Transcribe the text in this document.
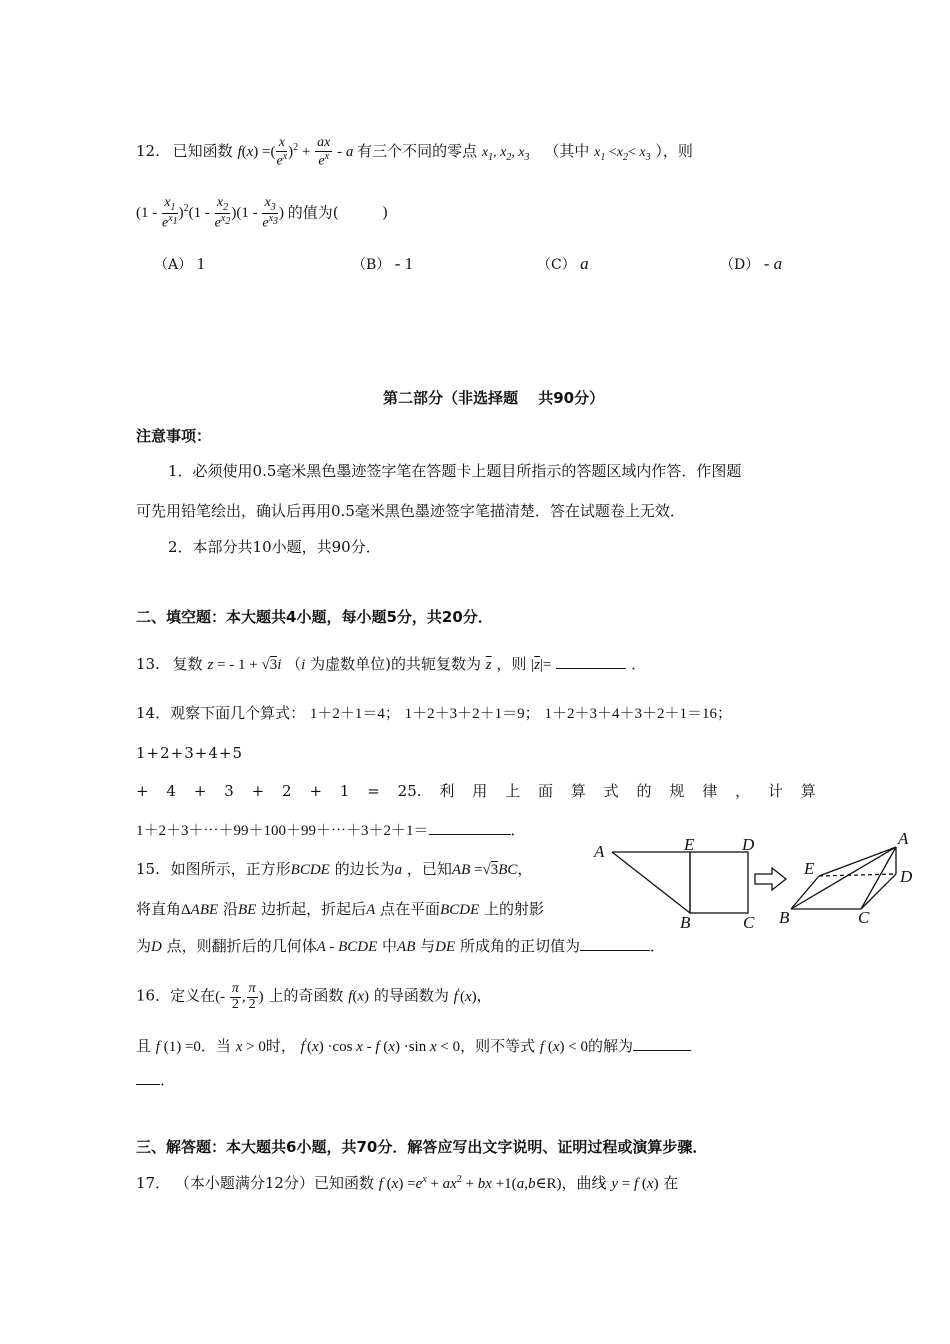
12. 已知函数 f(x) =( $\frac{x}{e^x} )^2 + \frac{ax}{e^x} - a$ 有三个不同的零点 $x_1$, $x_2$, $x_3$ （其中 $x_1 <x_2< x_3$ ），则
$(1 - \frac{x_1}{e^{x_1}} )^2(1 - \frac{x_2}{e^{x_2}} )(1 - \frac{x_3}{e^{x_3}}$ ) 的值为(	)
（A） 1	（B） - 1	（C） a	（D） - a
第二部分（非选择题　 共90分）
注意事项：
1．必须使用0.5毫米黑色墨迹签字笔在答题卡上题目所指示的答题区域内作答．作图题
可先用铅笔绘出，确认后再用0.5毫米黑色墨迹签字笔描清楚．答在试题卷上无效．
2．本部分共10小题，共90分．
二、填空题：本大题共4小题，每小题5分，共20分．
13. 复数 z = - 1 + √3i （i 为虚数单位)的共轭复数为 $\overline{z}$ ，则 $|\overline{z}|=$	．
14．观察下面几个算式： 1＋2＋1＝4； 1＋2＋3＋2＋1＝9； 1＋2＋3＋4＋3＋2＋1＝16；
1+2+3+4+5
+ 4 + 3 + 2 + 1 = 25. 利 用 上 面 算 式 的 规 律 ， 计 算
1＋2＋3＋⋯＋99＋100＋99＋⋯＋3＋2＋1＝	．
15. 如图所示，正方形BCDE 的边长为a ，已知AB =√3BC，
将直角ΔABE 沿BE 边折起，折起后A 点在平面BCDE 上的射影
为D 点，则翻折后的几何体A - BCDE 中AB 与DE 所成角的正切值为	．
A	E	D
B	C
A
E	D
B	C
16．定义在(- $\frac{\pi}{2}$ , $\frac{\pi}{2}$ ) 上的奇函数 f(x) 的导函数为 f′(x)，
且 f (1) =0．当 x > 0时， f′(x) ·cos x - f (x) ·sin x < 0，则不等式 f (x) < 0的解为
．
三、解答题：本大题共6小题，共70分．解答应写出文字说明、证明过程或演算步骤．
17． （本小题满分12分）已知函数 f $(x) =e^x + ax^2$ + bx +1(a,b∈R)，曲线 y = f (x) 在
